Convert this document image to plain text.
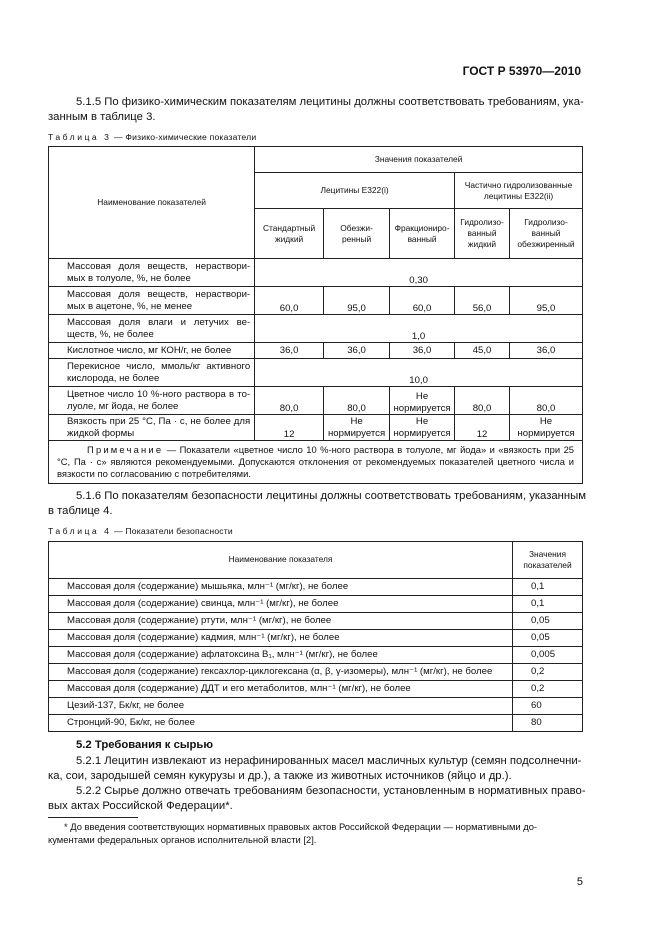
ГОСТ Р 53970—2010
5.1.5 По физико-химическим показателям лецитины должны соответствовать требованиям, ука-
занным в таблице 3.
Таблица 3 — Физико-химические показатели
Наименование показателей	Значения показателей				
	Лецитины Е322(i)			Частично гидролизованные лецитины Е322(ii)	
	Стандартный жидкий	Обезжи-ренный	Фракциониро-ванный	Гидролизо-ванный жидкий	Гидролизо-ванный обезжиренный
Массовая доля веществ, нераствори-мых в толуоле, %, не более	0,30				
Массовая доля веществ, нераствори-мых в ацетоне, %, не менее	60,0	95,0	60,0	56,0	95,0
Массовая доля влаги и летучих ве-ществ, %, не более	1,0				
Кислотное число, мг КОН/г, не более	36,0	36,0	36,0	45,0	36,0
Перекисное число, ммоль/кг активного кислорода, не более	10,0				
Цветное число 10 %-ного раствора в то-луоле, мг йода, не более	80,0	80,0	Не нормируется	80,0	80,0
Вязкость при 25 °С, Па · с, не более для жидкой формы	12	Не нормируется	Не нормируется	12	Не нормируется
Примечание — Показатели «цветное число 10 %-ного раствора в толуоле, мг йода» и «вязкость при 25 °С, Па · с» являются рекомендуемыми. Допускаются отклонения от рекомендуемых показателей цветного числа и вязкости по согласованию с потребителями.					
5.1.6 По показателям безопасности лецитины должны соответствовать требованиям, указанным
в таблице 4.
Таблица 4 — Показатели безопасности
Наименование показателя	Значения показателей
Массовая доля (содержание) мышьяка, млн⁻¹ (мг/кг), не более	0,1
Массовая доля (содержание) свинца, млн⁻¹ (мг/кг), не более	0,1
Массовая доля (содержание) ртути, млн⁻¹ (мг/кг), не более	0,05
Массовая доля (содержание) кадмия, млн⁻¹ (мг/кг), не более	0,05
Массовая доля (содержание) афлатоксина B₁, млн⁻¹ (мг/кг), не более	0,005
Массовая доля (содержание) гексахлор-циклогексана (α, β, γ-изомеры), млн⁻¹ (мг/кг), не более	0,2
Массовая доля (содержание) ДДТ и его метаболитов, млн⁻¹ (мг/кг), не более	0,2
Цезий-137, Бк/кг, не более	60
Стронций-90, Бк/кг, не более	80
5.2 Требования к сырью
5.2.1 Лецитин извлекают из нерафинированных масел масличных культур (семян подсолнечни-
ка, сои, зародышей семян кукурузы и др.), а также из животных источников (яйцо и др.).
5.2.2 Сырье должно отвечать требованиям безопасности, установленным в нормативных право-
вых актах Российской Федерации*.
* До введения соответствующих нормативных правовых актов Российской Федерации — нормативными до-
кументами федеральных органов исполнительной власти [2].
5
